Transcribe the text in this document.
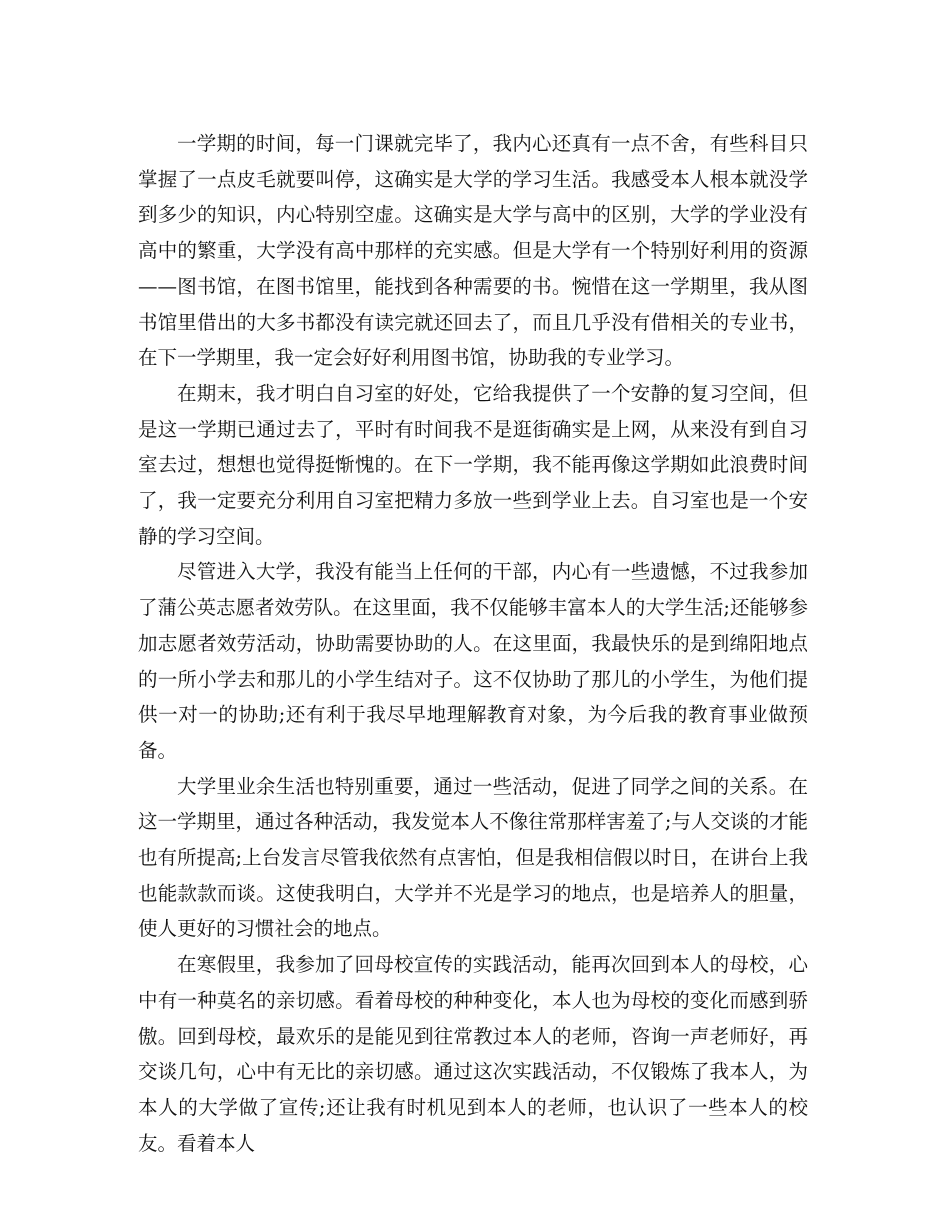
一学期的时间，每一门课就完毕了，我内心还真有一点不舍，有些科目只掌握了一点皮毛就要叫停，这确实是大学的学习生活。我感受本人根本就没学到多少的知识，内心特别空虚。这确实是大学与高中的区别，大学的学业没有高中的繁重，大学没有高中那样的充实感。但是大学有一个特别好利用的资源——图书馆，在图书馆里，能找到各种需要的书。惋惜在这一学期里，我从图书馆里借出的大多书都没有读完就还回去了，而且几乎没有借相关的专业书，在下一学期里，我一定会好好利用图书馆，协助我的专业学习。

在期末，我才明白自习室的好处，它给我提供了一个安静的复习空间，但是这一学期已通过去了，平时有时间我不是逛街确实是上网，从来没有到自习室去过，想想也觉得挺惭愧的。在下一学期，我不能再像这学期如此浪费时间了，我一定要充分利用自习室把精力多放一些到学业上去。自习室也是一个安静的学习空间。

尽管进入大学，我没有能当上任何的干部，内心有一些遗憾，不过我参加了蒲公英志愿者效劳队。在这里面，我不仅能够丰富本人的大学生活;还能够参加志愿者效劳活动，协助需要协助的人。在这里面，我最快乐的是到绵阳地点的一所小学去和那儿的小学生结对子。这不仅协助了那儿的小学生，为他们提供一对一的协助;还有利于我尽早地理解教育对象，为今后我的教育事业做预备。

大学里业余生活也特别重要，通过一些活动，促进了同学之间的关系。在这一学期里，通过各种活动，我发觉本人不像往常那样害羞了;与人交谈的才能也有所提高;上台发言尽管我依然有点害怕，但是我相信假以时日，在讲台上我也能款款而谈。这使我明白，大学并不光是学习的地点，也是培养人的胆量，使人更好的习惯社会的地点。

在寒假里，我参加了回母校宣传的实践活动，能再次回到本人的母校，心中有一种莫名的亲切感。看着母校的种种变化，本人也为母校的变化而感到骄傲。回到母校，最欢乐的是能见到往常教过本人的老师，咨询一声老师好，再交谈几句，心中有无比的亲切感。通过这次实践活动，不仅锻炼了我本人，为本人的大学做了宣传;还让我有时机见到本人的老师，也认识了一些本人的校友。看着本人
